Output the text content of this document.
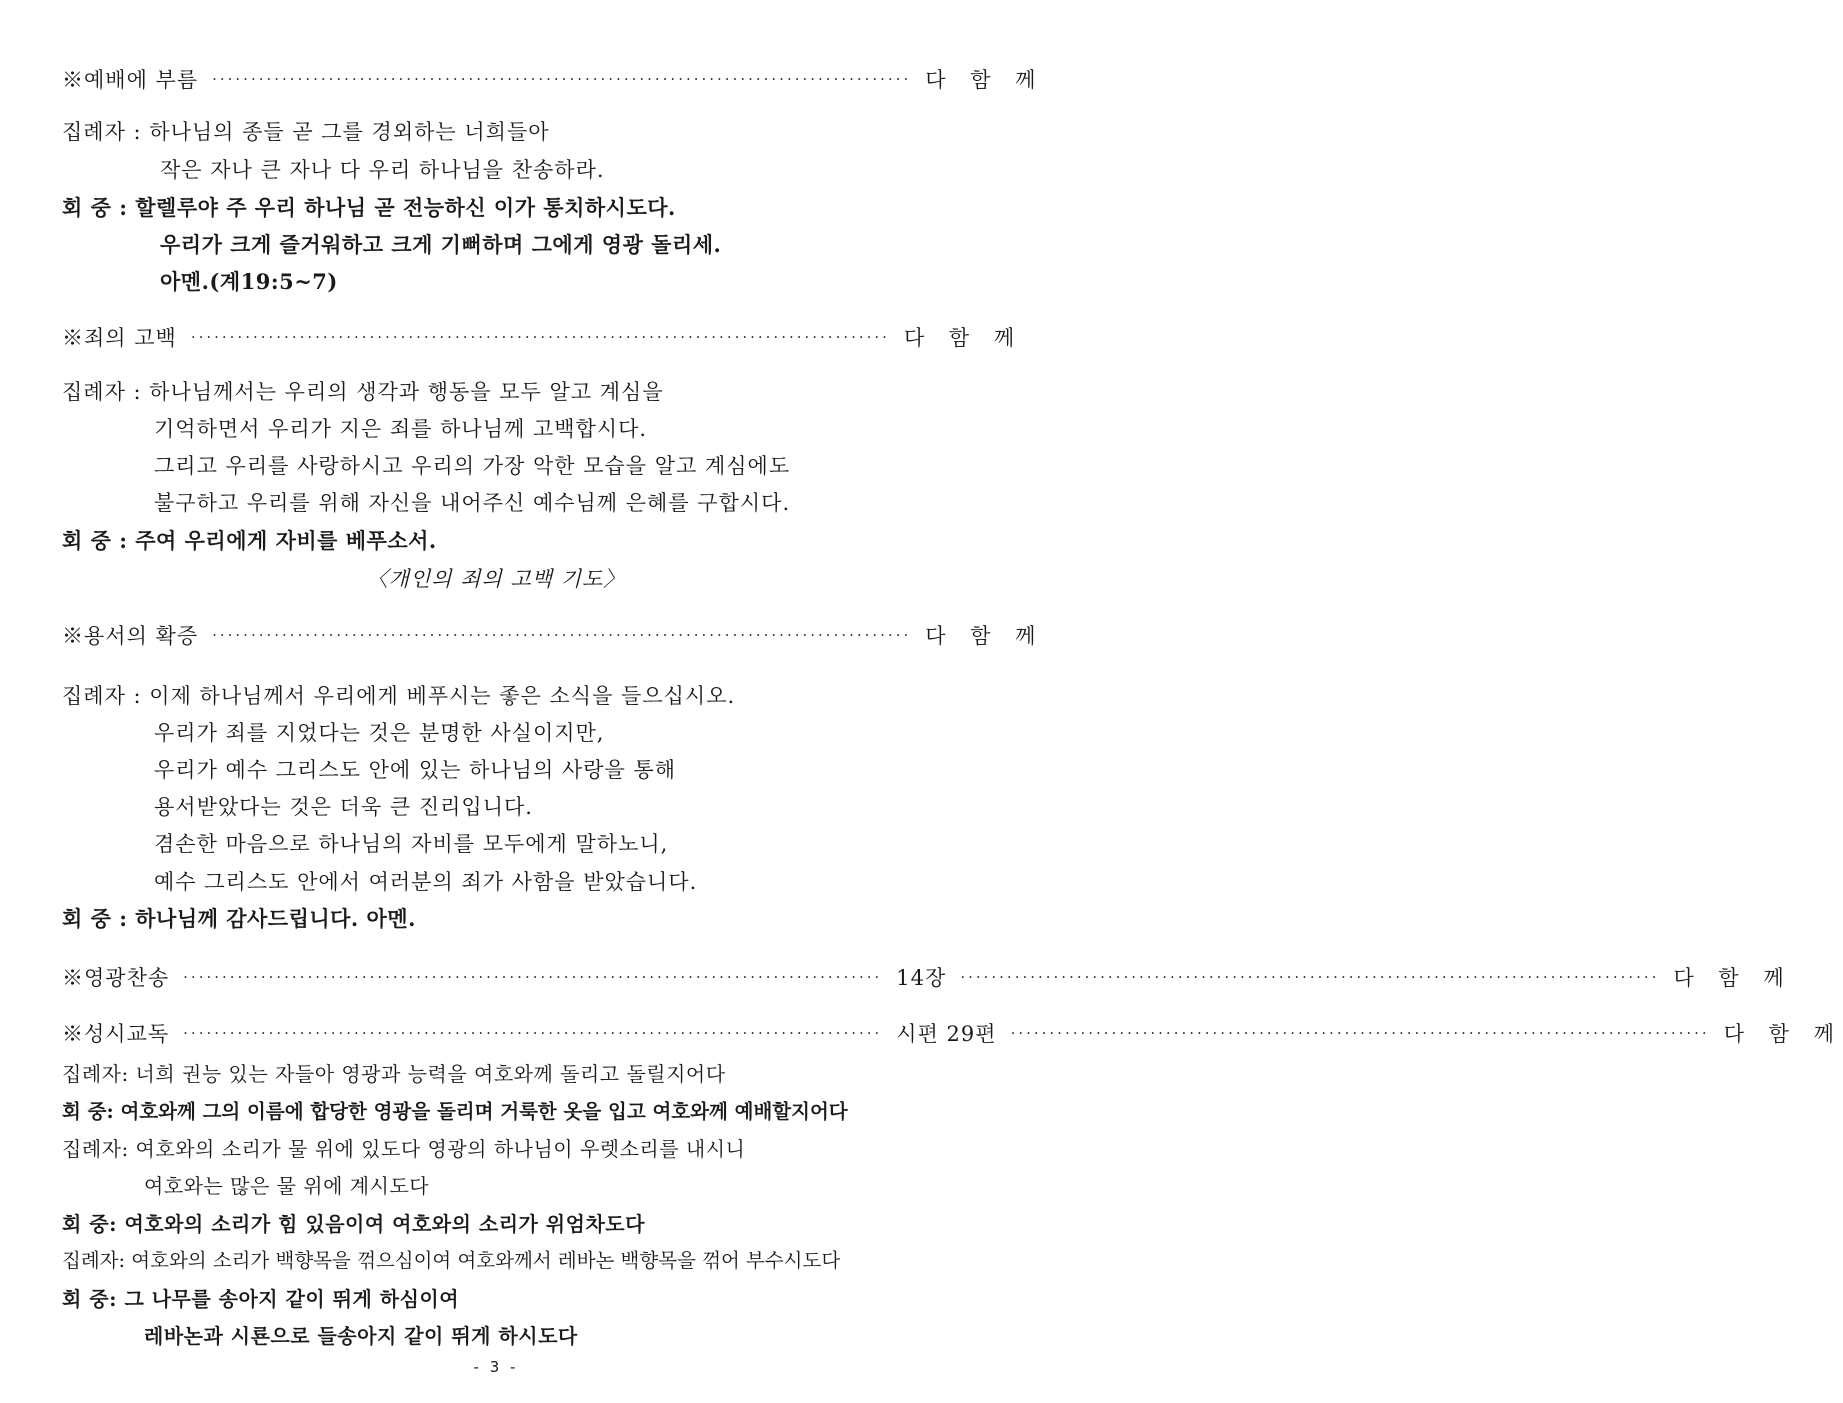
※예배에 부름 ·························································································· 다 함 께
집례자 : 하나님의 종들 곧 그를 경외하는 너희들아
작은 자나 큰 자나 다 우리 하나님을 찬송하라.
회 중 : 할렐루야 주 우리 하나님 곧 전능하신 이가 통치하시도다.
우리가 크게 즐거워하고 크게 기뻐하며 그에게 영광 돌리세.
아멘.(계19:5~7)
※죄의 고백 ·························································································· 다 함 께
집례자 : 하나님께서는 우리의 생각과 행동을 모두 알고 계심을
기억하면서 우리가 지은 죄를 하나님께 고백합시다.
그리고 우리를 사랑하시고 우리의 가장 악한 모습을 알고 계심에도
불구하고 우리를 위해 자신을 내어주신 예수님께 은혜를 구합시다.
회 중 : 주여 우리에게 자비를 베푸소서.
〈개인의 죄의 고백 기도〉
※용서의 확증 ·························································································· 다 함 께
집례자 : 이제 하나님께서 우리에게 베푸시는 좋은 소식을 들으십시오.
우리가 죄를 지었다는 것은 분명한 사실이지만,
우리가 예수 그리스도 안에 있는 하나님의 사랑을 통해
용서받았다는 것은 더욱 큰 진리입니다.
겸손한 마음으로 하나님의 자비를 모두에게 말하노니,
예수 그리스도 안에서 여러분의 죄가 사함을 받았습니다.
회 중 : 하나님께 감사드립니다. 아멘.
※영광찬송 ·························································································· 14장 ·························································································· 다 함 께
※성시교독 ·························································································· 시편 29편 ·························································································· 다 함 께
집례자: 너희 권능 있는 자들아 영광과 능력을 여호와께 돌리고 돌릴지어다
회 중: 여호와께 그의 이름에 합당한 영광을 돌리며 거룩한 옷을 입고 여호와께 예배할지어다
집례자: 여호와의 소리가 물 위에 있도다 영광의 하나님이 우렛소리를 내시니
여호와는 많은 물 위에 계시도다
회 중: 여호와의 소리가 힘 있음이여 여호와의 소리가 위엄차도다
집례자: 여호와의 소리가 백향목을 꺾으심이여 여호와께서 레바논 백향목을 꺾어 부수시도다
회 중: 그 나무를 송아지 같이 뛰게 하심이여
레바논과 시룐으로 들송아지 같이 뛰게 하시도다
- 3 -
